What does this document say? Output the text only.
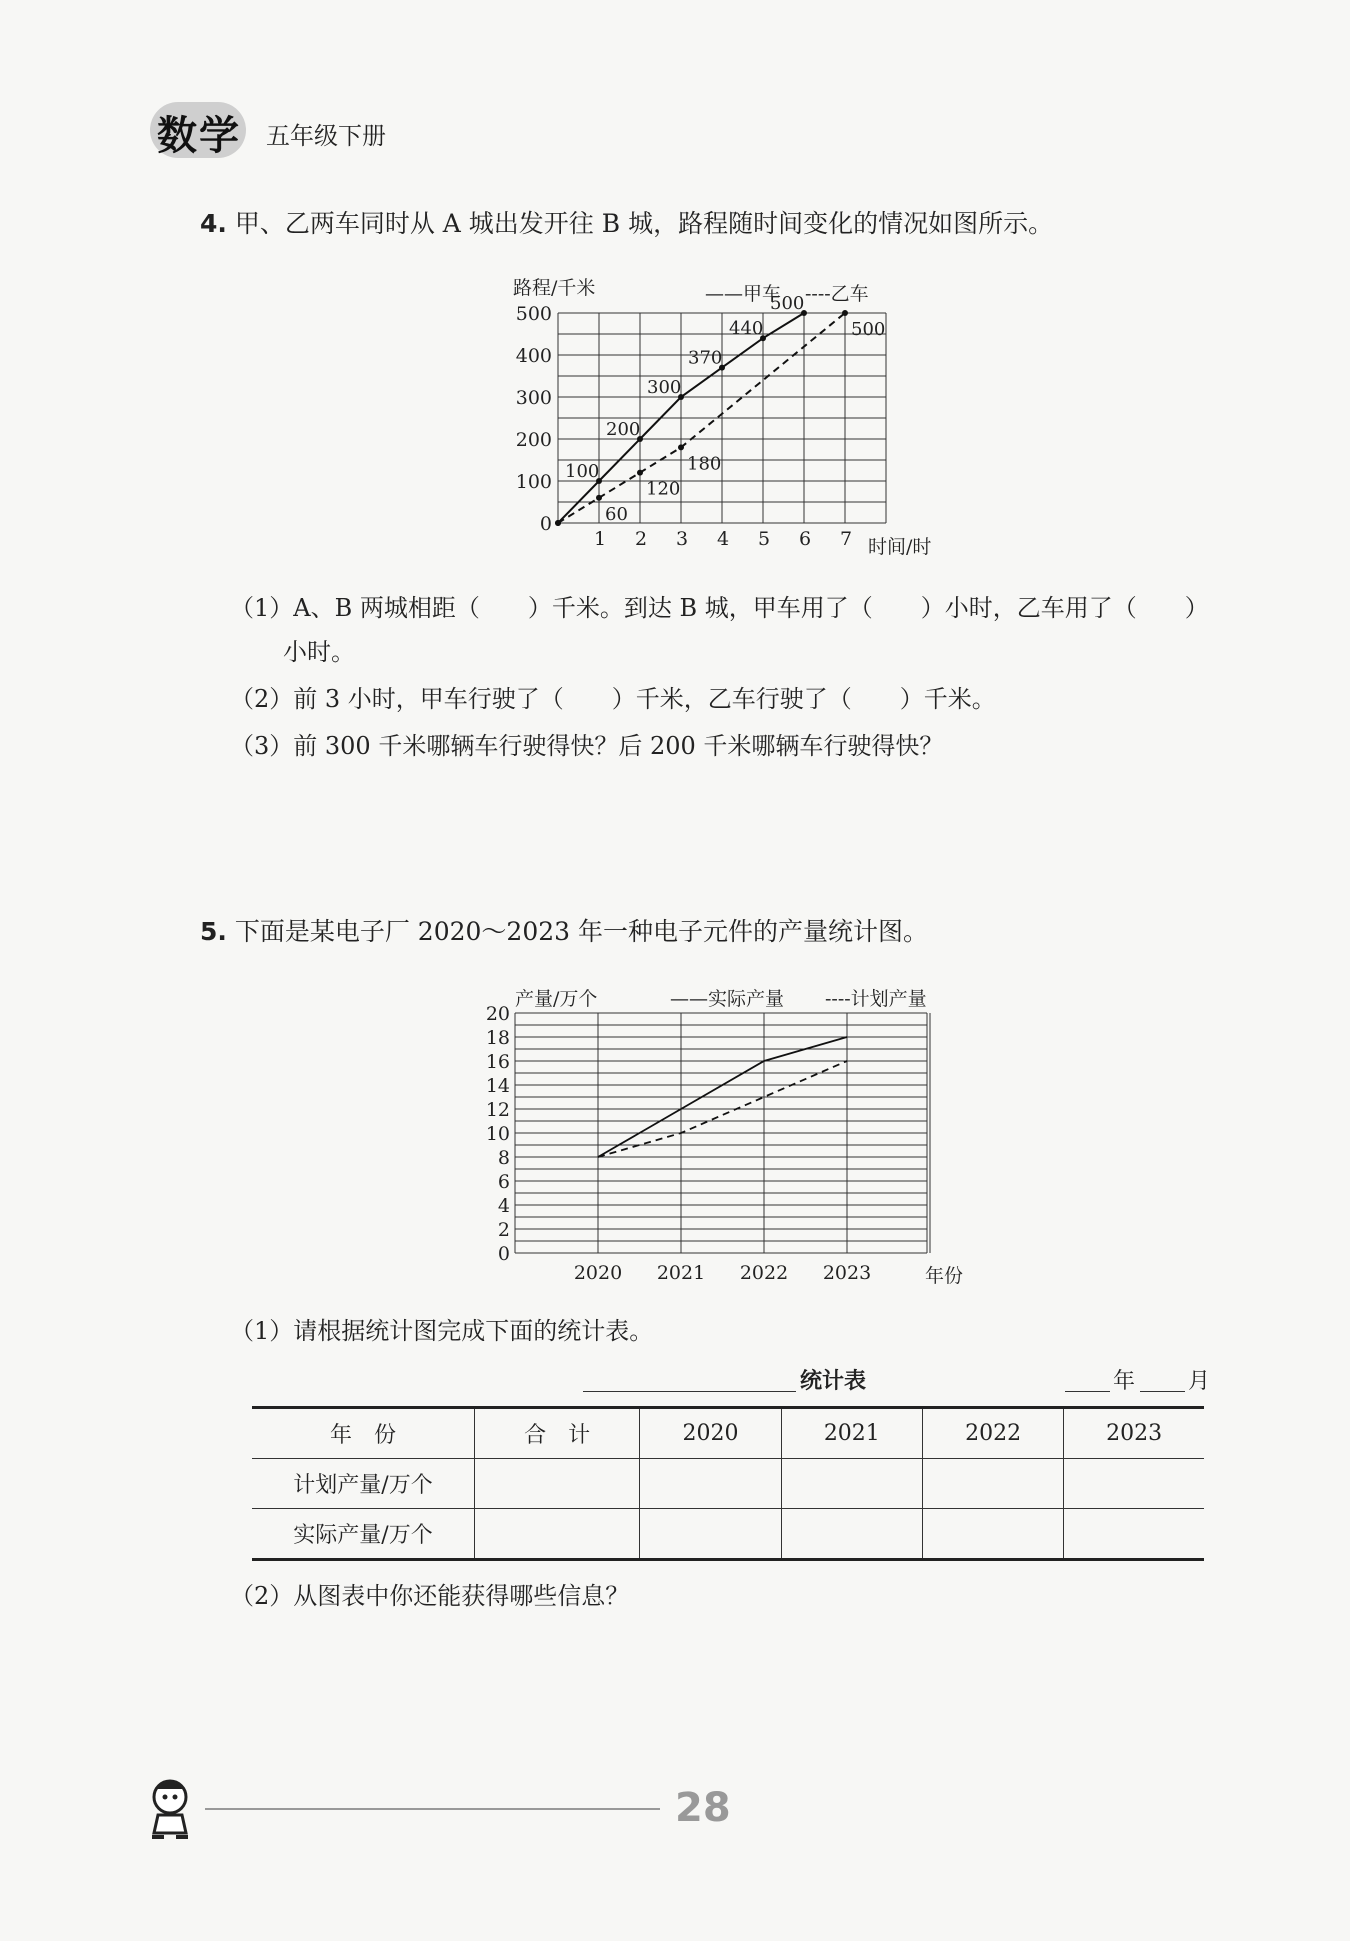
数学 五年级下册
4. 甲、乙两车同时从 A 城出发开往 B 城，路程随时间变化的情况如图所示。
1 2 3 4 5 6 7
0
100
200
300
400
500
路程/千米
时间/时
——甲车 ----乙车
100
200
300
370
440
500
60
120
180
500
（1）A、B 两城相距（　　）千米。到达 B 城，甲车用了（　　）小时，乙车用了（　　）
小时。
（2）前 3 小时，甲车行驶了（　　）千米，乙车行驶了（　　）千米。
（3）前 300 千米哪辆车行驶得快？后 200 千米哪辆车行驶得快？
5. 下面是某电子厂 2020～2023 年一种电子元件的产量统计图。
0
2
4
6
8
10
12
14
16
18
20
2020 2021 2022 2023
产量/万个
年份
——实际产量 ----计划产量
（1）请根据统计图完成下面的统计表。
统计表	年 月
年　份	合　计	2020	2021	2022	2023
计划产量/万个					
实际产量/万个					
（2）从图表中你还能获得哪些信息？
28
